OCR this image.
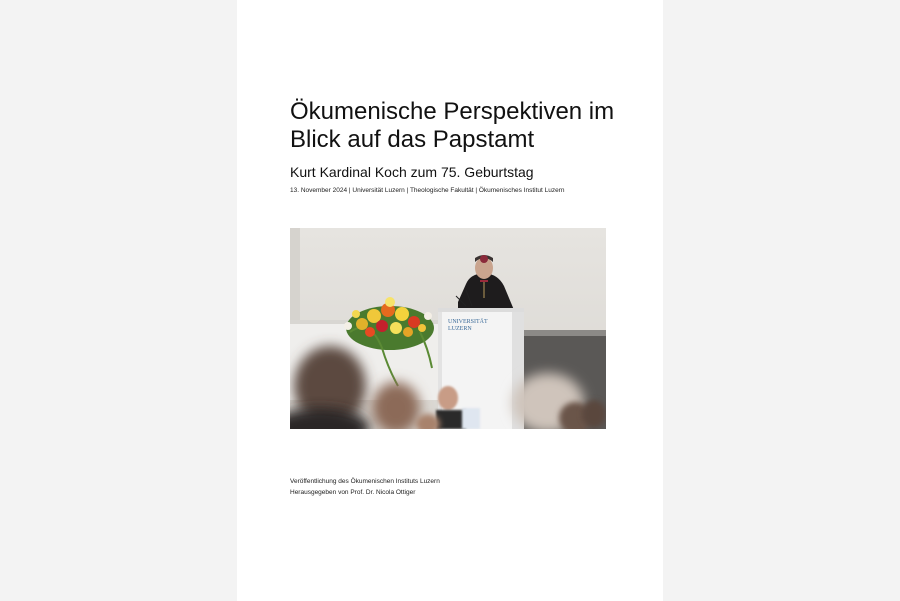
Ökumenische Perspektiven im Blick auf das Papstamt
Kurt Kardinal Koch zum 75. Geburtstag

13. November 2024 | Universität Luzern | Theologische Fakultät | Ökumenisches Institut Luzern

UNIVERSITÄT
LUZERN
Veröffentlichung des Ökumenischen Instituts Luzern
Herausgegeben von Prof. Dr. Nicola Ottiger
